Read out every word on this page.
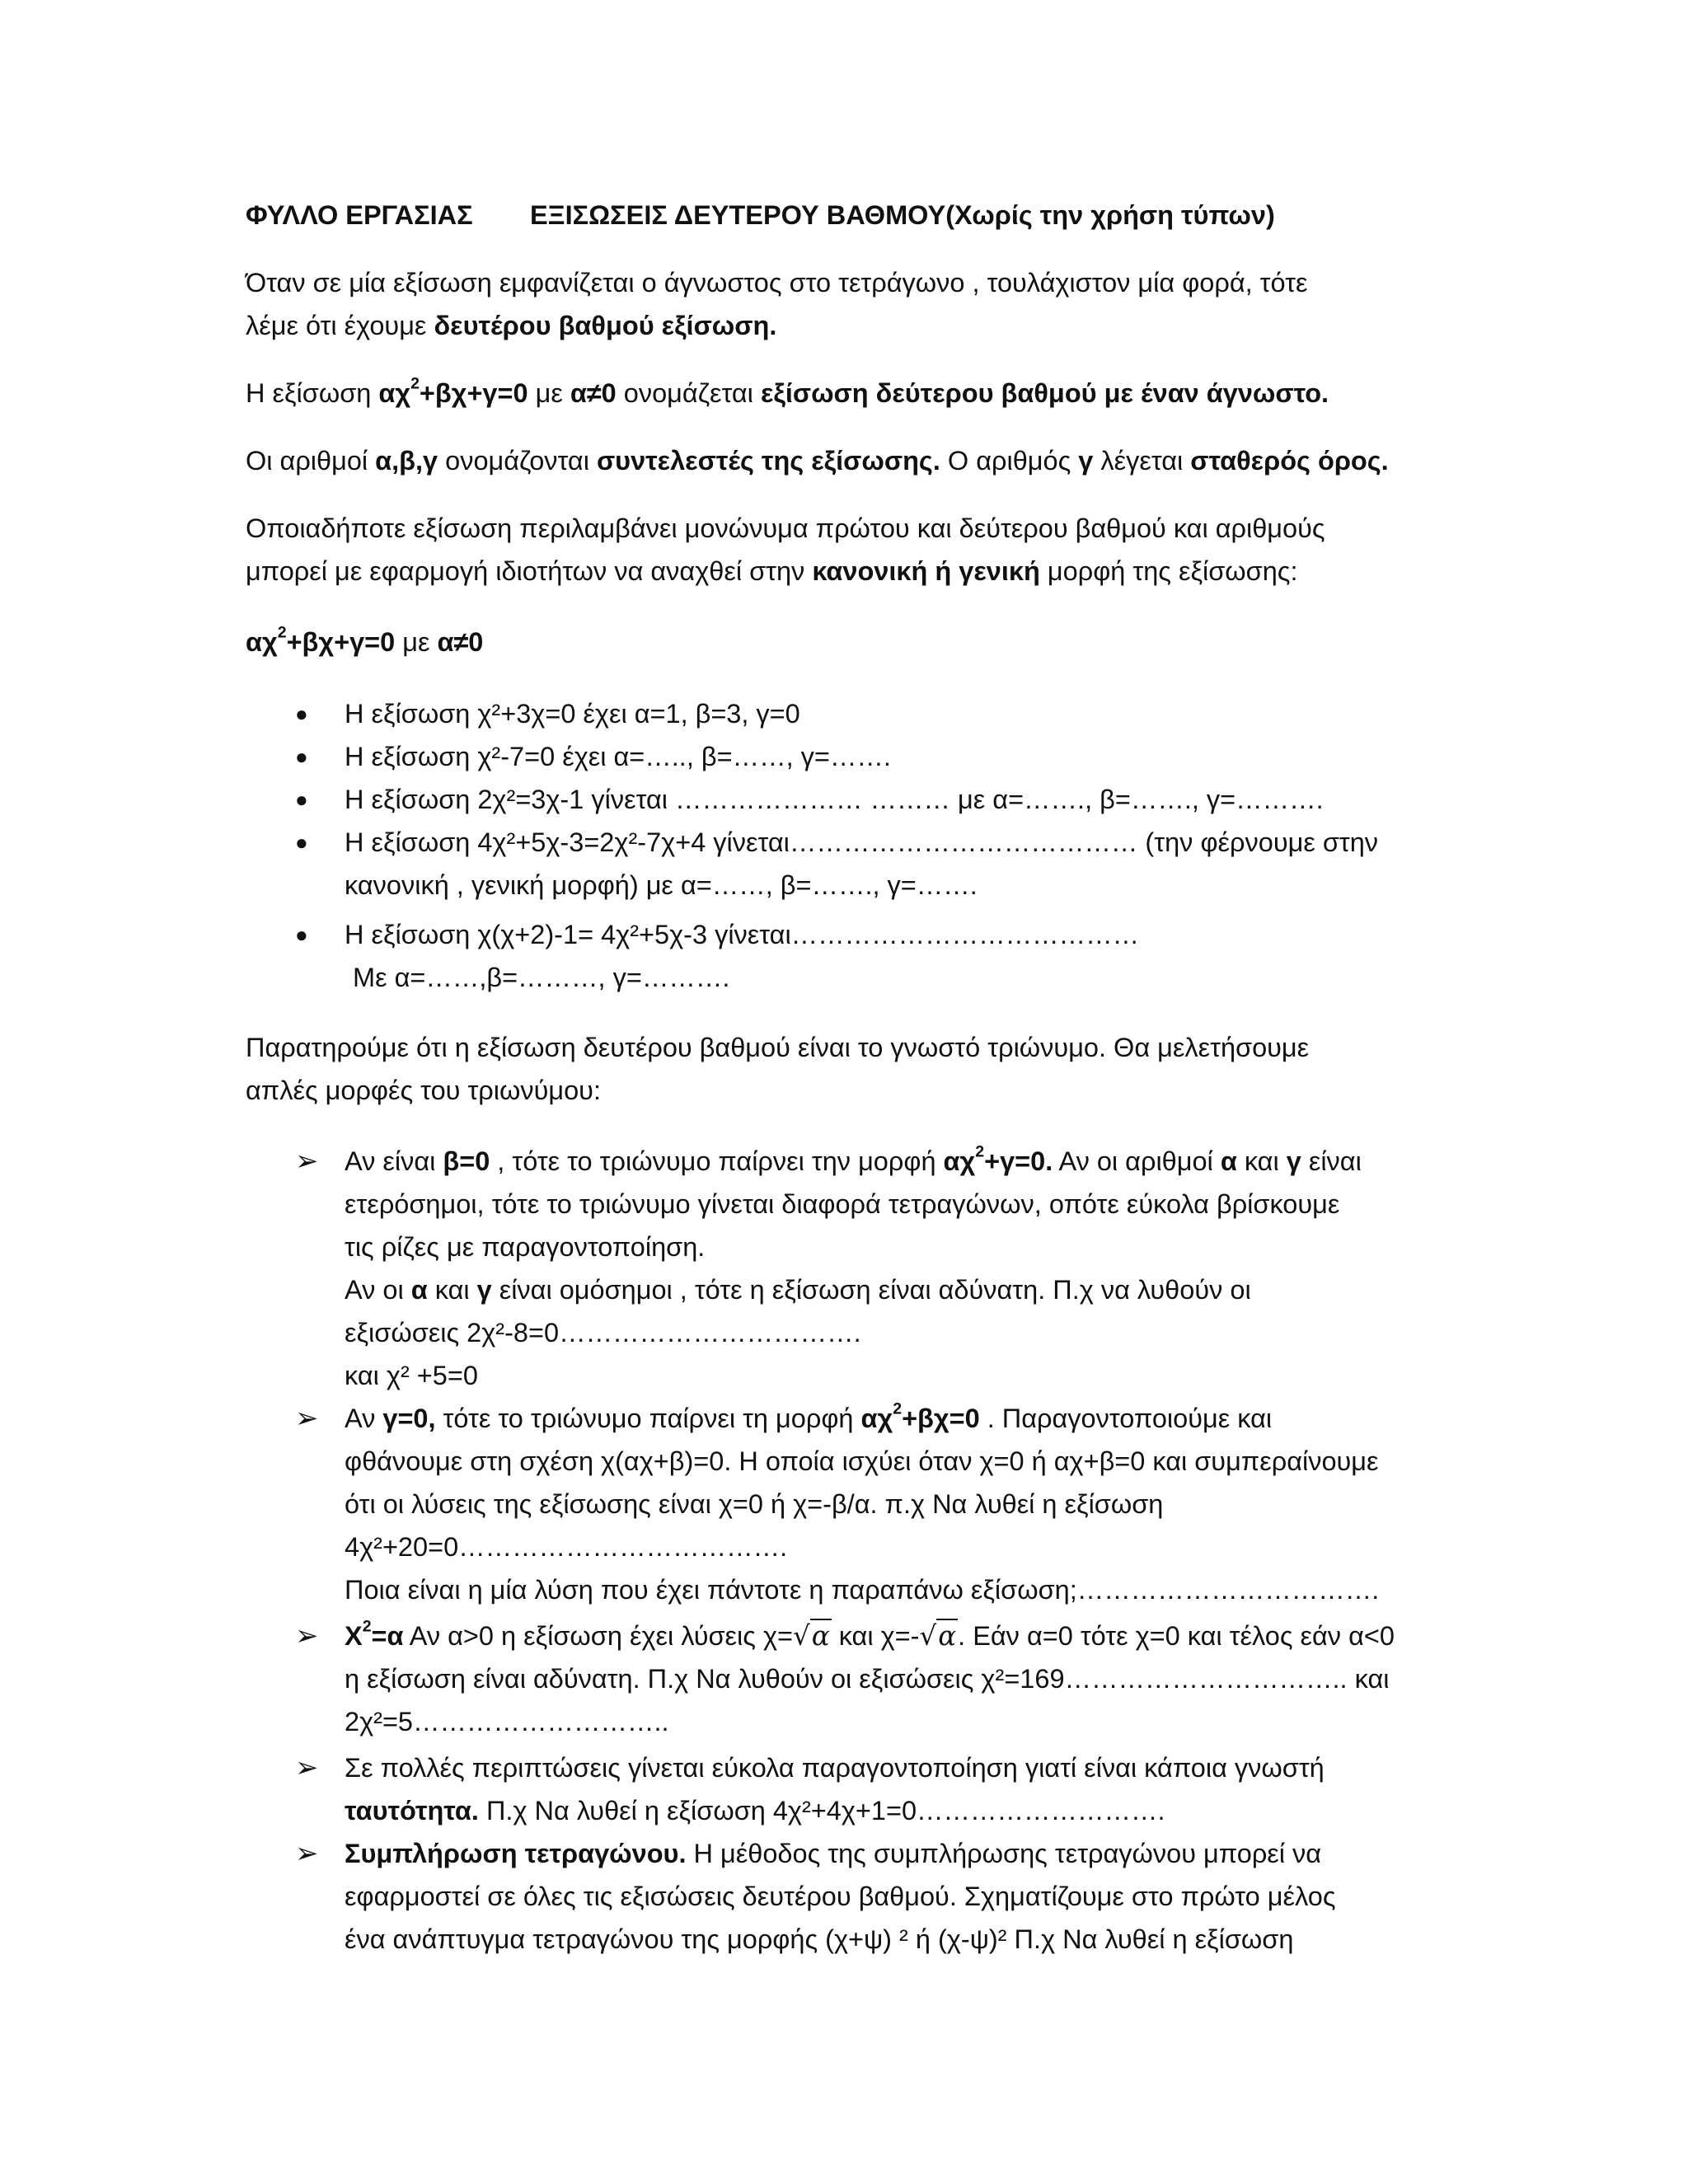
ΦΥΛΛΟ ΕΡΓΑΣΙΑΣ ΕΞΙΣΩΣΕΙΣ ΔΕΥΤΕΡΟΥ ΒΑΘΜΟΥ(Χωρίς την χρήση τύπων)
Όταν σε μία εξίσωση εμφανίζεται ο άγνωστος στο τετράγωνο , τουλάχιστον μία φορά, τότε
λέμε ότι έχουμε δευτέρου βαθμού εξίσωση.
Η εξίσωση $\alpha\chi^2+\beta\chi+\gamma=0$ με α≠0 ονομάζεται εξίσωση δεύτερου βαθμού με έναν άγνωστο.
Οι αριθμοί α,β,γ ονομάζονται συντελεστές της εξίσωσης. Ο αριθμός γ λέγεται σταθερός όρος.
Οποιαδήποτε εξίσωση περιλαμβάνει μονώνυμα πρώτου και δεύτερου βαθμού και αριθμούς
μπορεί με εφαρμογή ιδιοτήτων να αναχθεί στην κανονική ή γενική μορφή της εξίσωσης:
$\alpha\chi^2+\beta\chi+\gamma=0$ με α≠0
● Η εξίσωση χ²+3χ=0 έχει α=1, β=3, γ=0
● Η εξίσωση χ²-7=0 έχει α=….., β=……, γ=…….
● Η εξίσωση 2χ²=3χ-1 γίνεται ………………… ……… με α=……., β=……., γ=……….
● Η εξίσωση 4χ²+5χ-3=2χ²-7χ+4 γίνεται………………………………… (την φέρνουμε στην
κανονική , γενική μορφή) με α=……, β=……., γ=…….
● Η εξίσωση χ(χ+2)-1= 4χ²+5χ-3 γίνεται…………………………………
Με α=……,β=………, γ=……….
Παρατηρούμε ότι η εξίσωση δευτέρου βαθμού είναι το γνωστό τριώνυμο. Θα μελετήσουμε
απλές μορφές του τριωνύμου:
➢ Αν είναι β=0 , τότε το τριώνυμο παίρνει την μορφή $\alpha\chi^2+\gamma=0$. Αν οι αριθμοί α και γ είναι
ετερόσημοι, τότε το τριώνυμο γίνεται διαφορά τετραγώνων, οπότε εύκολα βρίσκουμε
τις ρίζες με παραγοντοποίηση.
Αν οι α και γ είναι ομόσημοι , τότε η εξίσωση είναι αδύνατη. Π.χ να λυθούν οι
εξισώσεις 2χ²-8=0…………………………….
και χ² +5=0
➢ Αν γ=0, τότε το τριώνυμο παίρνει τη μορφή $\alpha\chi^2+\beta\chi=0$ . Παραγοντοποιούμε και
φθάνουμε στη σχέση χ(αχ+β)=0. Η οποία ισχύει όταν χ=0 ή αχ+β=0 και συμπεραίνουμε
ότι οι λύσεις της εξίσωσης είναι χ=0 ή χ=-β/α. π.χ Να λυθεί η εξίσωση
4χ²+20=0……………………………….
Ποια είναι η μία λύση που έχει πάντοτε η παραπάνω εξίσωση;…………………………….
➢ $X^2=\alpha$ Αν α>0 η εξίσωση έχει λύσεις χ=√α και χ=-√α. Εάν α=0 τότε χ=0 και τέλος εάν α<0
η εξίσωση είναι αδύνατη. Π.χ Να λυθούν οι εξισώσεις χ²=169………………………….. και
2χ²=5………………………..
➢ Σε πολλές περιπτώσεις γίνεται εύκολα παραγοντοποίηση γιατί είναι κάποια γνωστή
ταυτότητα. Π.χ Να λυθεί η εξίσωση 4χ²+4χ+1=0……………………….
➢ Συμπλήρωση τετραγώνου. Η μέθοδος της συμπλήρωσης τετραγώνου μπορεί να
εφαρμοστεί σε όλες τις εξισώσεις δευτέρου βαθμού. Σχηματίζουμε στο πρώτο μέλος
ένα ανάπτυγμα τετραγώνου της μορφής (χ+ψ) ² ή (χ-ψ)² Π.χ Να λυθεί η εξίσωση
